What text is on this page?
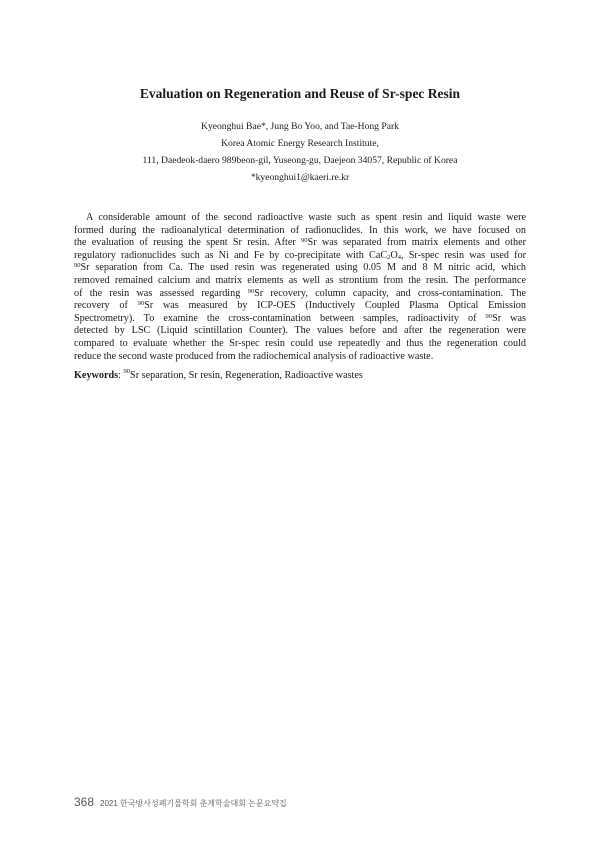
Evaluation on Regeneration and Reuse of Sr-spec Resin
Kyeonghui Bae*, Jung Bo Yoo, and Tae-Hong Park
Korea Atomic Energy Research Institute,
111, Daedeok-daero 989beon-gil, Yuseong-gu, Daejeon 34057, Republic of Korea
*kyeonghui1@kaeri.re.kr
A considerable amount of the second radioactive waste such as spent resin and liquid waste were
formed during the radioanalytical determination of radionuclides. In this work, we have focused on
the evaluation of reusing the spent Sr resin. After $^{90}$Sr was separated from matrix elements and other
regulatory radionuclides such as Ni and Fe by co-precipitate with $CaC_2O_4$, Sr-spec resin was used for
$^{90}$Sr separation from Ca. The used resin was regenerated using 0.05 M and 8 M nitric acid, which
removed remained calcium and matrix elements as well as strontium from the resin. The performance
of the resin was assessed regarding $^{90}$Sr recovery, column capacity, and cross-contamination. The
recovery of $^{90}$Sr was measured by ICP-OES (Inductively Coupled Plasma Optical Emission
Spectrometry). To examine the cross-contamination between samples, radioactivity of $^{90}$Sr was
detected by LSC (Liquid scintillation Counter). The values before and after the regeneration were
compared to evaluate whether the Sr-spec resin could use repeatedly and thus the regeneration could
reduce the second waste produced from the radiochemical analysis of radioactive waste.
Keywords: $^{90}$Sr separation, Sr resin, Regeneration, Radioactive wastes
368 2021 한국방사성폐기물학회 춘계학술대회 논문요약집
